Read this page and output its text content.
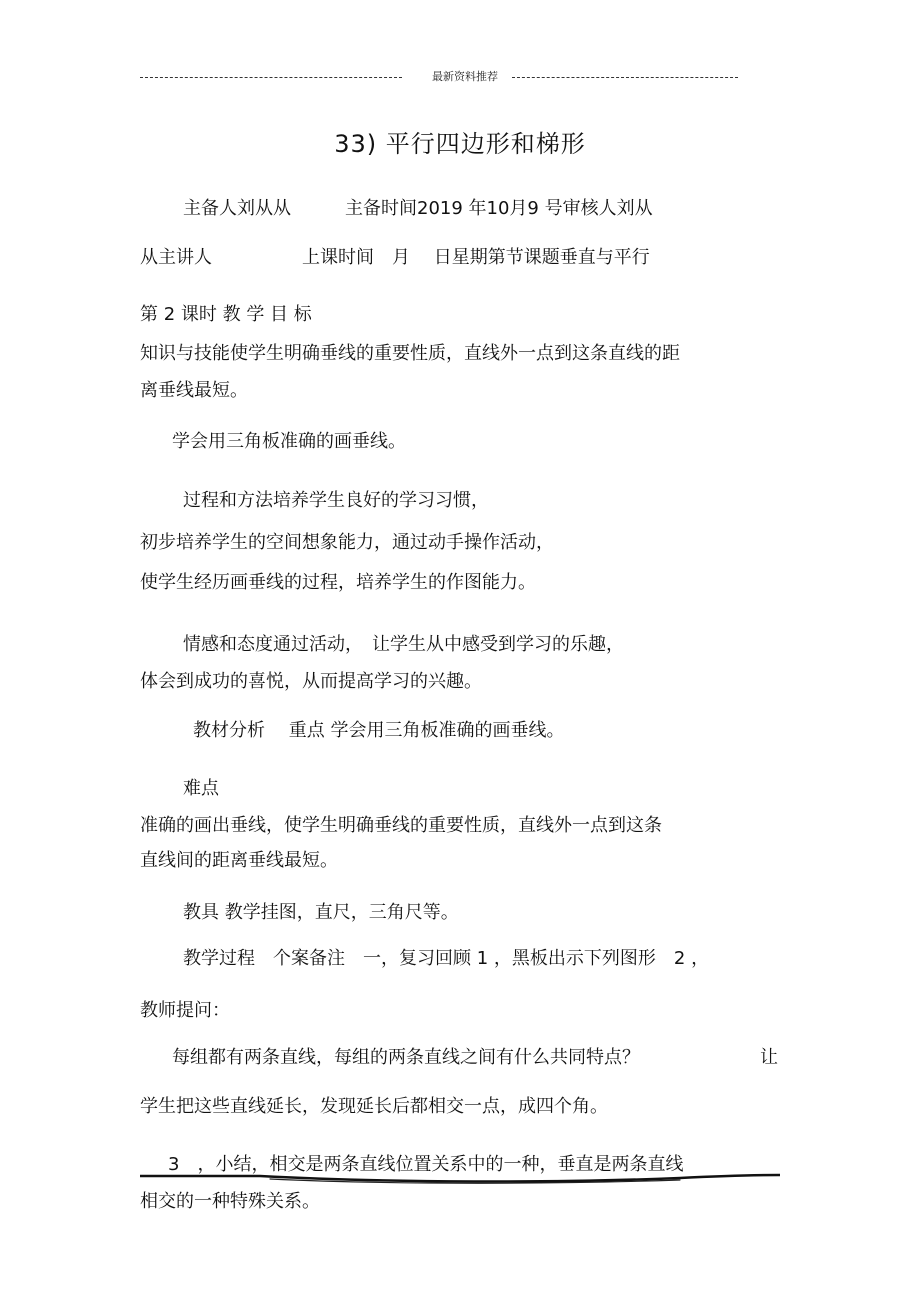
最新资料推荐
33) 平行四边形和梯形
主备人刘从从　　　主备时间2019 年10月9 号审核人刘从
从主讲人　　　　　上课时间　月　 日星期第节课题垂直与平行
第 2 课时 教 学 目 标
知识与技能使学生明确垂线的重要性质，直线外一点到这条直线的距
离垂线最短。
学会用三角板准确的画垂线。
过程和方法培养学生良好的学习习惯，
初步培养学生的空间想象能力，通过动手操作活动，
使学生经历画垂线的过程，培养学生的作图能力。
情感和态度通过活动，　让学生从中感受到学习的乐趣，
体会到成功的喜悦，从而提高学习的兴趣。
教材分析　 重点 学会用三角板准确的画垂线。
难点
准确的画出垂线，使学生明确垂线的重要性质，直线外一点到这条
直线间的距离垂线最短。
教具 教学挂图，直尺，三角尺等。
教学过程　个案备注　一，复习回顾 1 ，黑板出示下列图形　2 ，
教师提问：
每组都有两条直线，每组的两条直线之间有什么共同特点？	让
学生把这些直线延长，发现延长后都相交一点，成四个角。
3　，小结，相交是两条直线位置关系中的一种，垂直是两条直线
相交的一种特殊关系。
